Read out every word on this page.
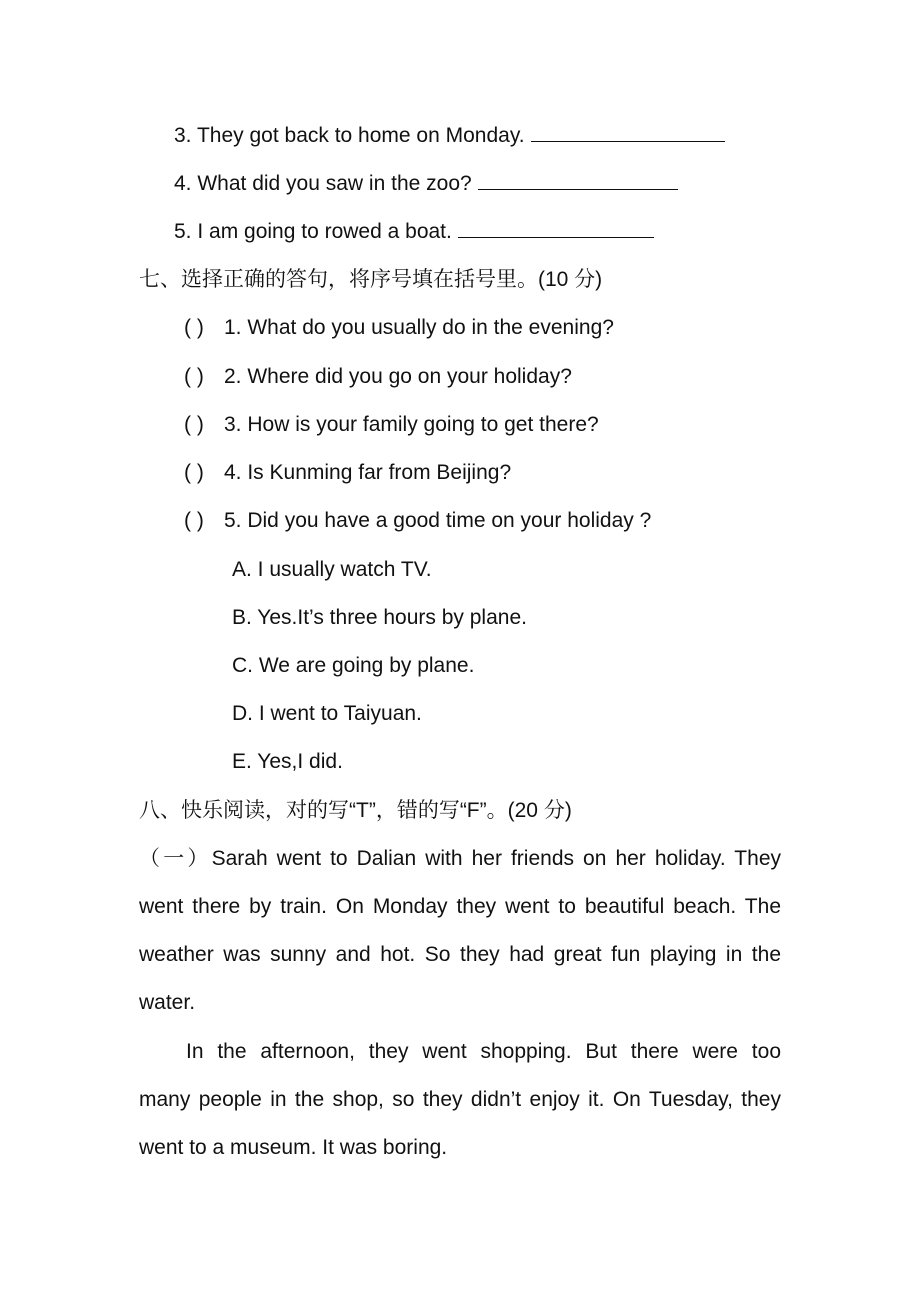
3. They got back to home on Monday.
4. What did you saw in the zoo?
5. I am going to rowed a boat.
七、选择正确的答句，将序号填在括号里。(10 分)
( ) 1. What do you usually do in the evening?
( ) 2. Where did you go on your holiday?
( ) 3. How is your family going to get there?
( ) 4. Is Kunming far from Beijing?
( ) 5. Did you have a good time on your holiday ?
A. I usually watch TV.
B. Yes.It’s three hours by plane.
C. We are going by plane.
D. I went to Taiyuan.
E. Yes,I did.
八、快乐阅读，对的写“T”，错的写“F”。(20 分)
（一）Sarah went to Dalian with her friends on her holiday. They
went there by train. On Monday they went to beautiful beach. The
weather was sunny and hot. So they had great fun playing in the
water.
In the afternoon, they went shopping. But there were too
many people in the shop, so they didn’t enjoy it. On Tuesday, they
went to a museum. It was boring.
